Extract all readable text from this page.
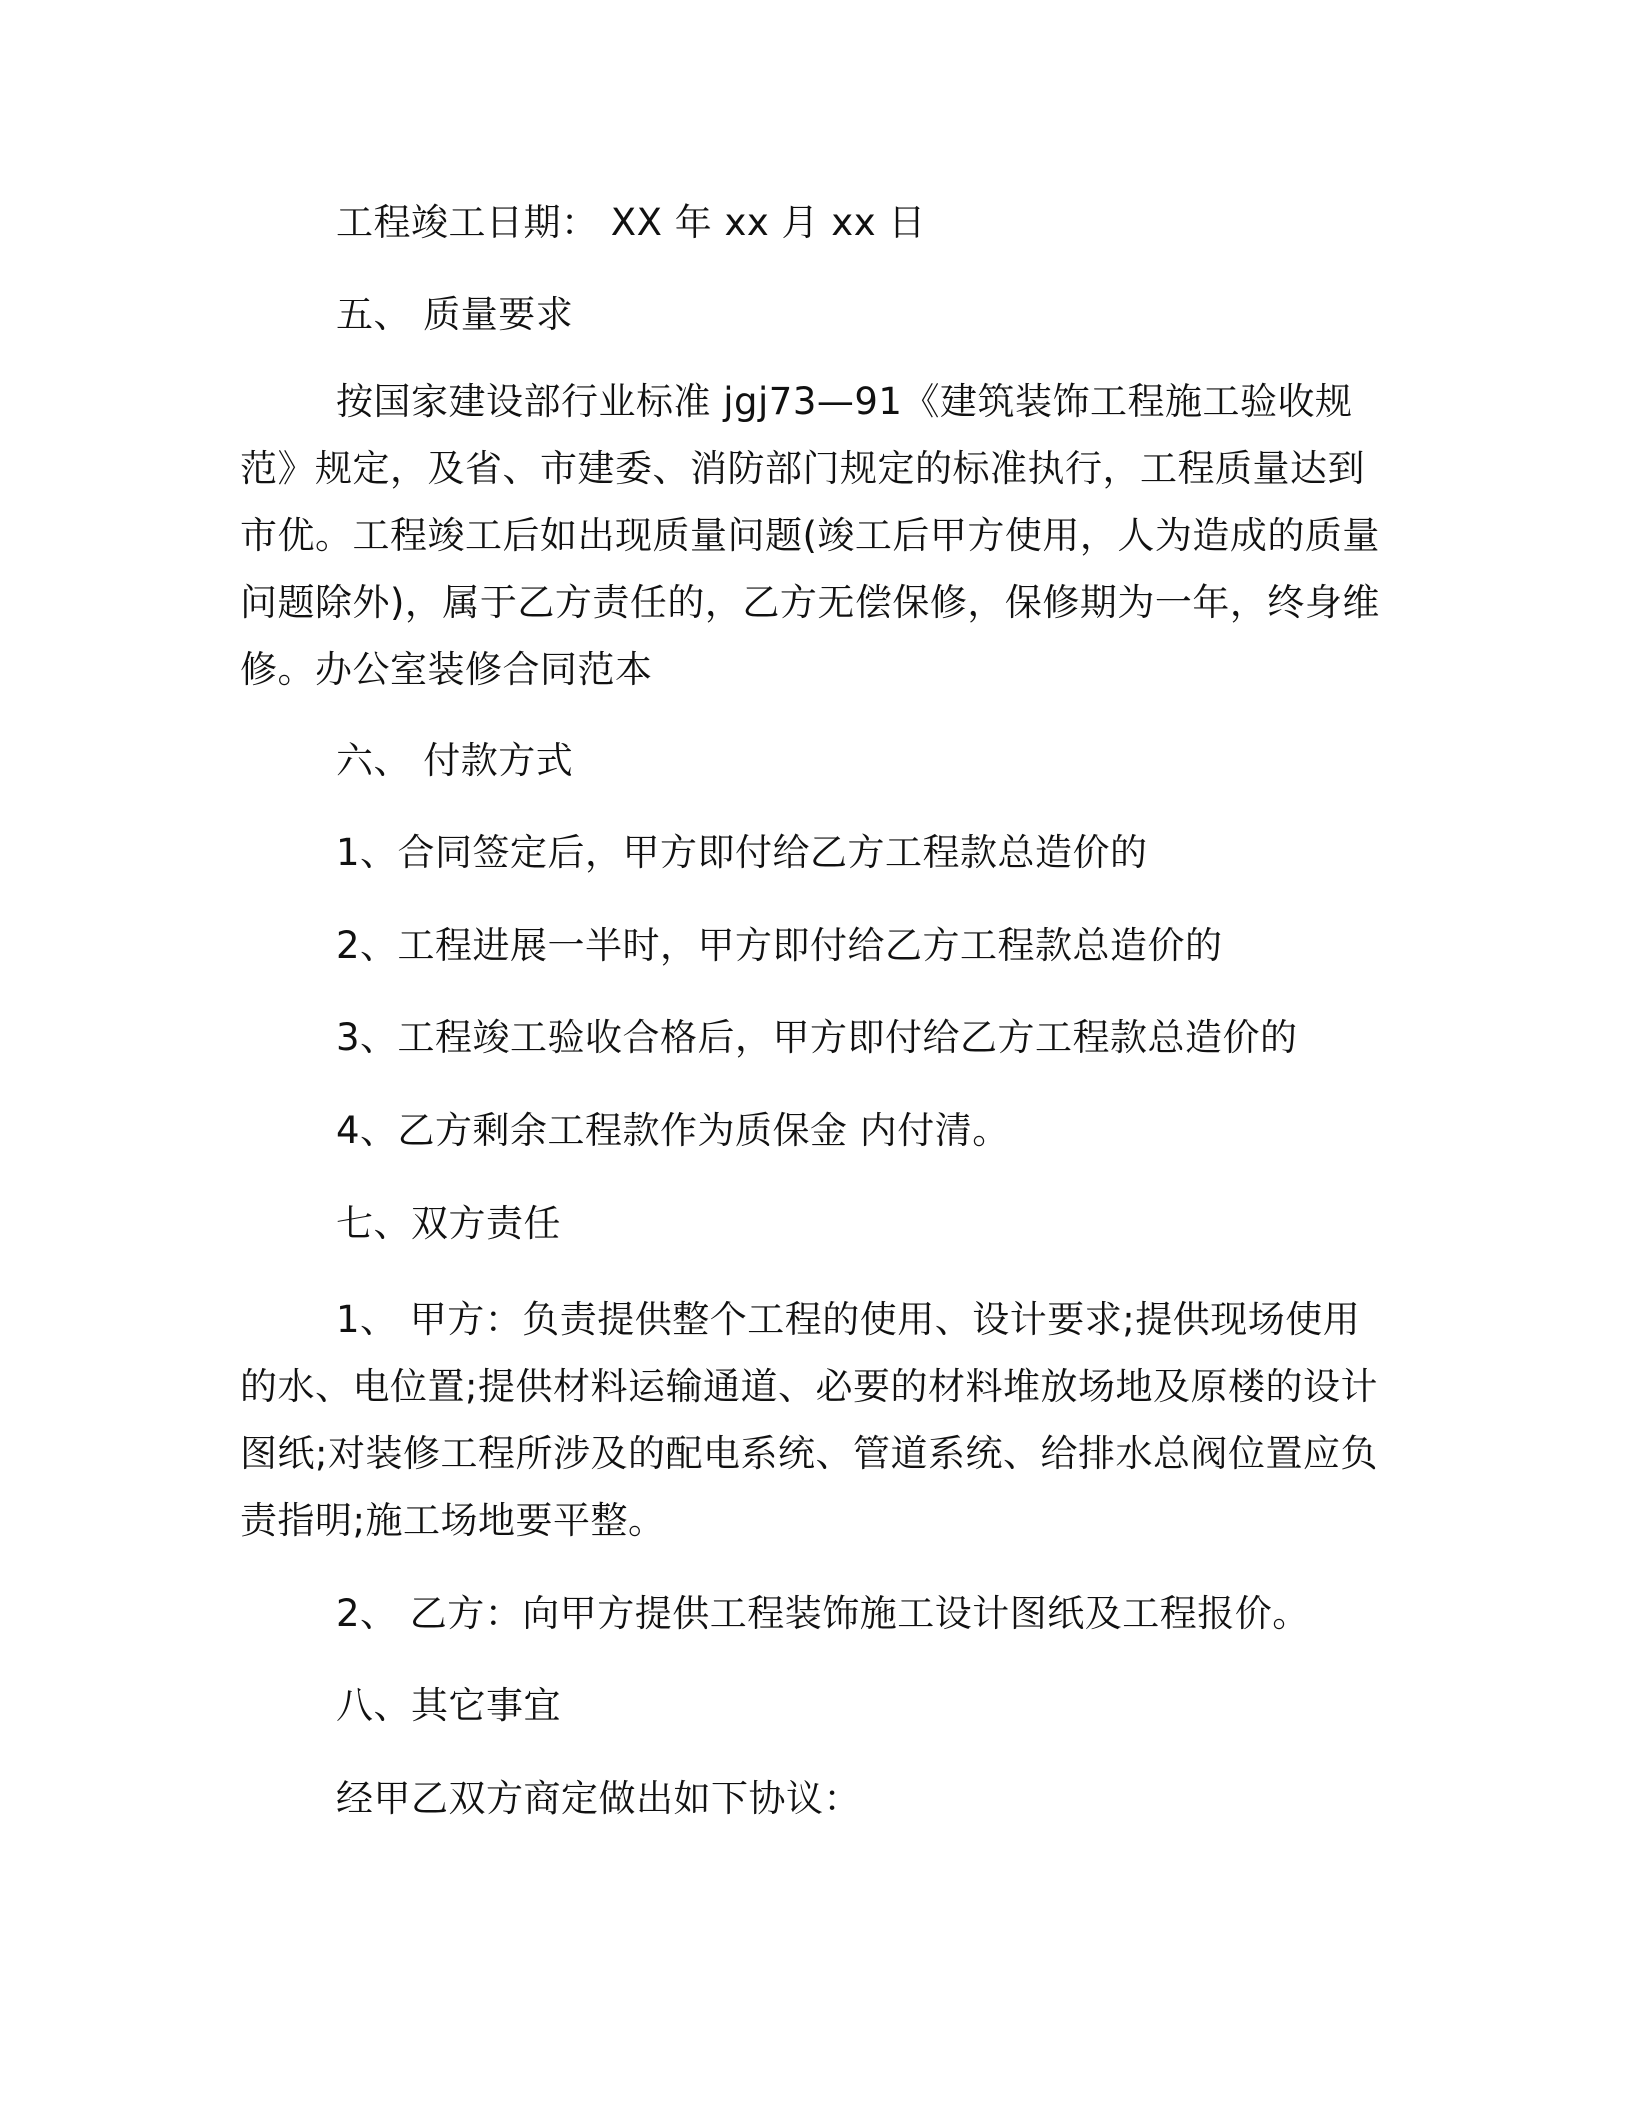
工程竣工日期： XX 年 xx 月 xx 日

五、 质量要求

按国家建设部行业标准 jgj73—91《建筑装饰工程施工验收规范》规定，及省、市建委、消防部门规定的标准执行，工程质量达到市优。工程竣工后如出现质量问题(竣工后甲方使用，人为造成的质量问题除外)，属于乙方责任的，乙方无偿保修，保修期为一年，终身维修。办公室装修合同范本

六、 付款方式

1、合同签定后，甲方即付给乙方工程款总造价的

2、工程进展一半时，甲方即付给乙方工程款总造价的

3、工程竣工验收合格后，甲方即付给乙方工程款总造价的

4、乙方剩余工程款作为质保金 内付清。

七、双方责任

1、 甲方：负责提供整个工程的使用、设计要求;提供现场使用的水、电位置;提供材料运输通道、必要的材料堆放场地及原楼的设计图纸;对装修工程所涉及的配电系统、管道系统、给排水总阀位置应负责指明;施工场地要平整。

2、 乙方：向甲方提供工程装饰施工设计图纸及工程报价。

八、其它事宜

经甲乙双方商定做出如下协议：
